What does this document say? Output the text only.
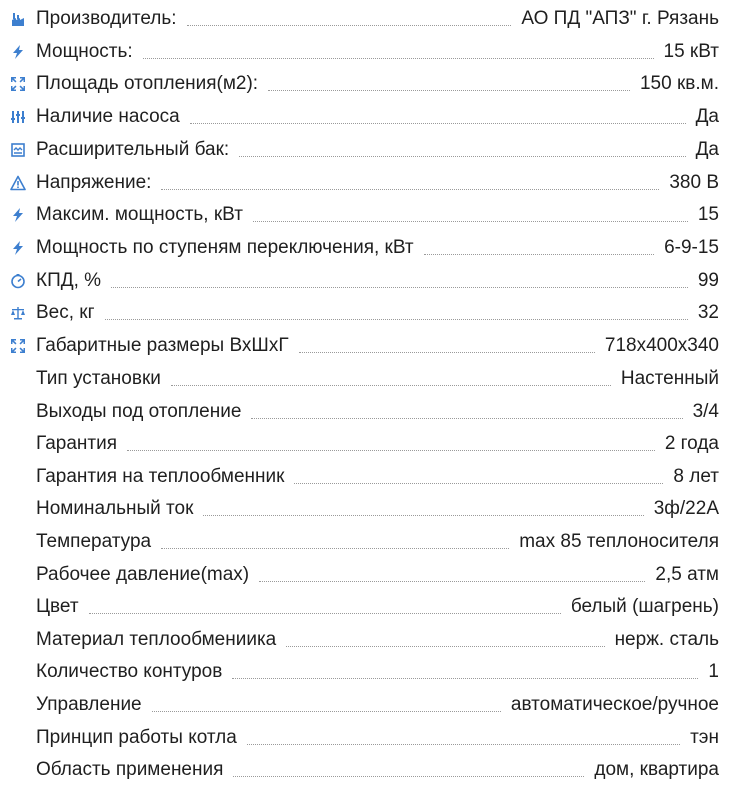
Производитель:	АО ПД "АПЗ" г. Рязань
Мощность:	15 кВт
Площадь отопления(м2):	150 кв.м.
Наличие насоса	Да
Расширительный бак:	Да
Напряжение:	380 В
Максим. мощность, кВт	15
Мощность по ступеням переключения, кВт	6-9-15
КПД, %	99
Вес, кг	32
Габаритные размеры ВхШхГ	718x400x340
Тип установки	Настенный
Выходы под отопление	3/4
Гарантия	2 года
Гарантия на теплообменник	8 лет
Номинальный ток	3ф/22А
Температура	max 85 теплоносителя
Рабочее давление(max)	2,5 атм
Цвет	белый (шагрень)
Материал теплообмениика	нерж. сталь
Количество контуров	1
Управление	автоматическое/ручное
Принцип работы котла	тэн
Область применения	дом, квартира
